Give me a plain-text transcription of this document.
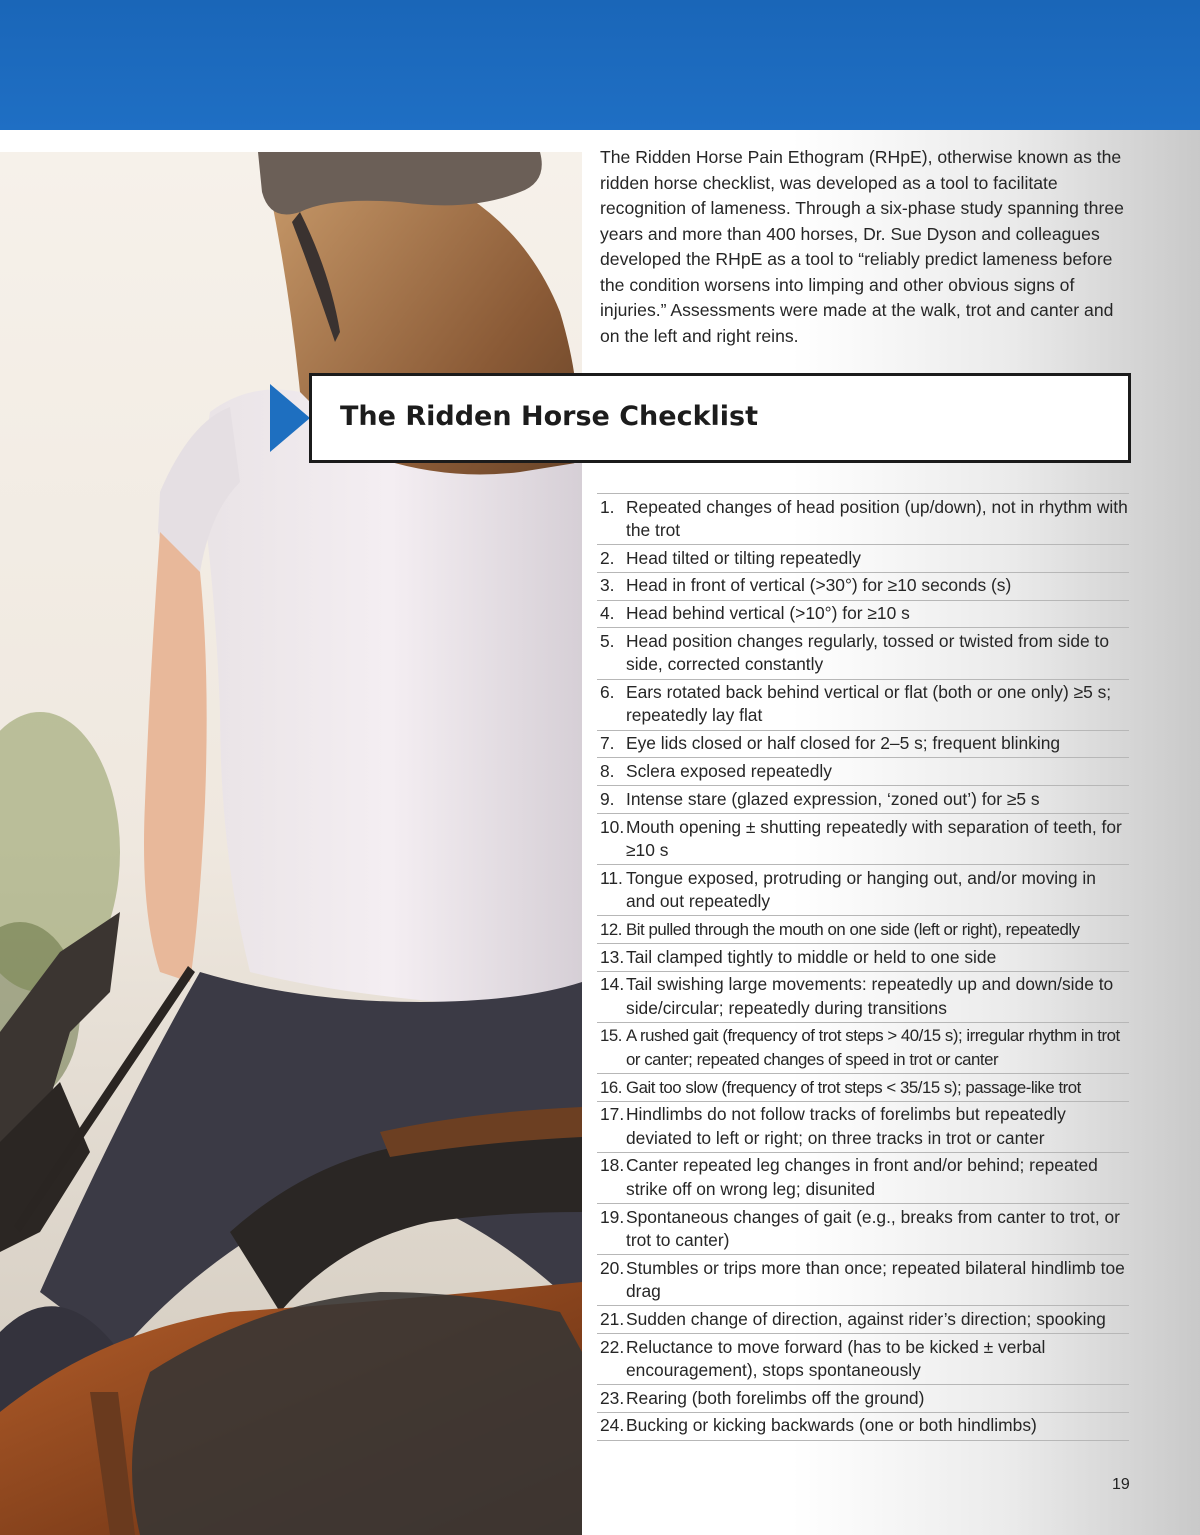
The Ridden Horse Pain Ethogram (RHpE), otherwise known as the ridden horse checklist, was developed as a tool to facilitate recognition of lameness. Through a six-phase study spanning three years and more than 400 horses, Dr. Sue Dyson and colleagues developed the RHpE as a tool to “reliably predict lameness before the condition worsens into limping and other obvious signs of injuries.” Assessments were made at the walk, trot and canter and on the left and right reins.

The Ridden Horse Checklist
1. Repeated changes of head position (up/down), not in rhythm with the trot
2. Head tilted or tilting repeatedly
3. Head in front of vertical (>30°) for ≥10 seconds (s)
4. Head behind vertical (>10°) for ≥10 s
5. Head position changes regularly, tossed or twisted from side to side, corrected constantly
6. Ears rotated back behind vertical or flat (both or one only) ≥5 s; repeatedly lay flat
7. Eye lids closed or half closed for 2–5 s; frequent blinking
8. Sclera exposed repeatedly
9. Intense stare (glazed expression, ‘zoned out’) for ≥5 s
10. Mouth opening ± shutting repeatedly with separation of teeth, for ≥10 s
11. Tongue exposed, protruding or hanging out, and/or moving in and out repeatedly
12. Bit pulled through the mouth on one side (left or right), repeatedly
13. Tail clamped tightly to middle or held to one side
14. Tail swishing large movements: repeatedly up and down/side to side/circular; repeatedly during transitions
15. A rushed gait (frequency of trot steps > 40/15 s); irregular rhythm in trot or canter; repeated changes of speed in trot or canter
16. Gait too slow (frequency of trot steps < 35/15 s); passage-like trot
17. Hindlimbs do not follow tracks of forelimbs but repeatedly deviated to left or right; on three tracks in trot or canter
18. Canter repeated leg changes in front and/or behind; repeated strike off on wrong leg; disunited
19. Spontaneous changes of gait (e.g., breaks from canter to trot, or trot to canter)
20. Stumbles or trips more than once; repeated bilateral hindlimb toe drag
21. Sudden change of direction, against rider’s direction; spooking
22. Reluctance to move forward (has to be kicked ± verbal encouragement), stops spontaneously
23. Rearing (both forelimbs off the ground)
24. Bucking or kicking backwards (one or both hindlimbs)
19
